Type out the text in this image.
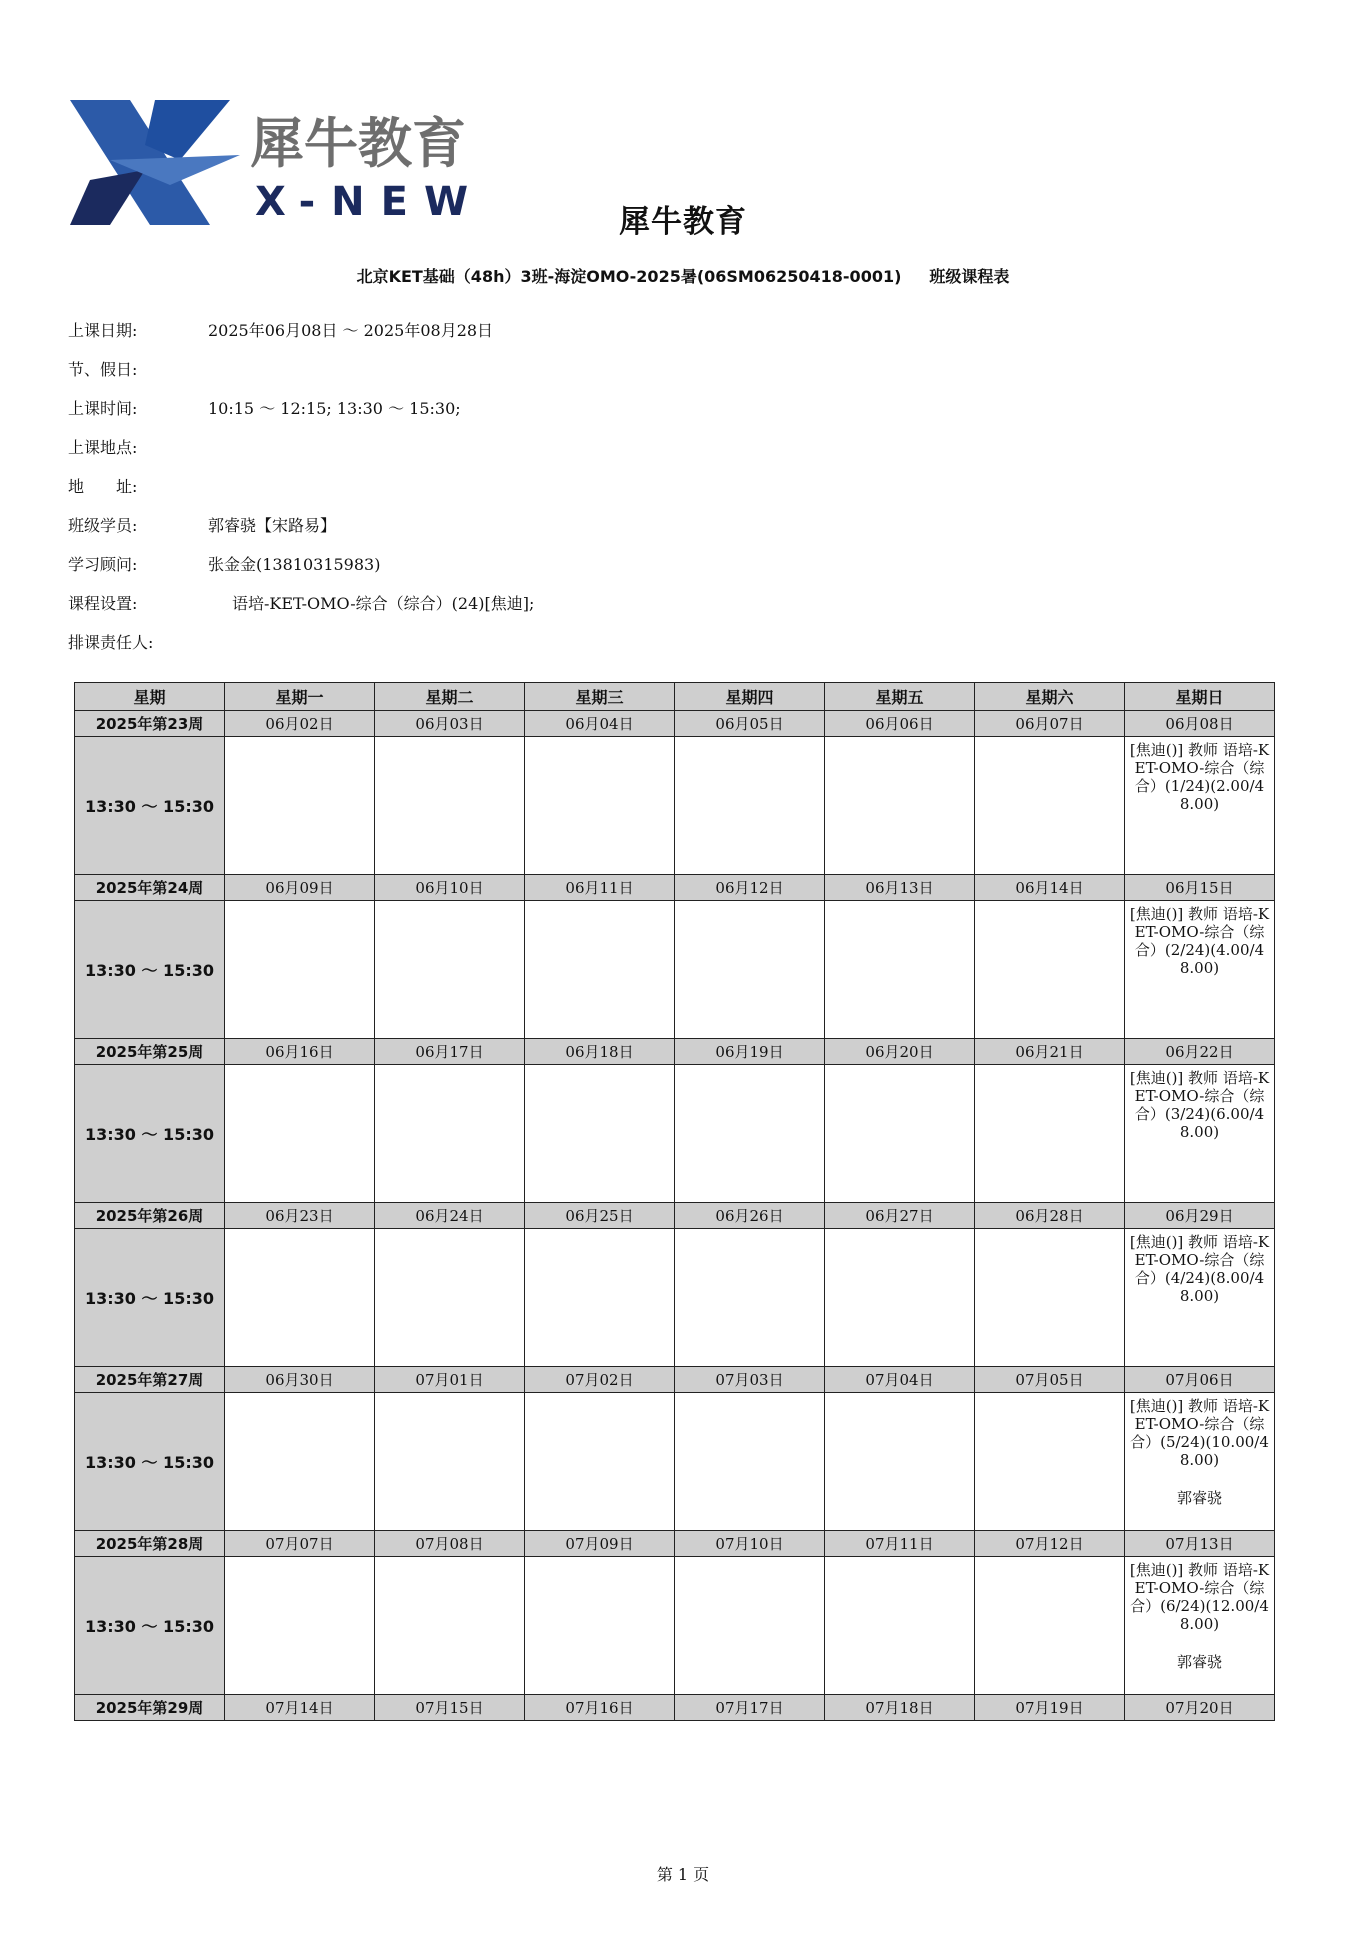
犀牛教育
X-NEW	犀牛教育
北京KET基础（48h）3班-海淀OMO-2025暑(06SM06250418-0001) 班级课程表
上课日期:	2025年06月08日 ～ 2025年08月28日
节、假日:
上课时间:	10:15 ～ 12:15; 13:30 ～ 15:30;
上课地点:
地　　址:
班级学员:	郭睿骁【宋路易】
学习顾问:	张金金(13810315983)
课程设置:	语培-KET-OMO-综合（综合）(24)[焦迪];
排课责任人:
星期	星期一	星期二	星期三	星期四	星期五	星期六	星期日
2025年第23周	06月02日	06月03日	06月04日	06月05日	06月06日	06月07日	06月08日
13:30 ～ 15:30							[焦迪()] 教师 语培-KET-OMO-综合（综合）(1/24)(2.00/48.00)

2025年第24周	06月09日	06月10日	06月11日	06月12日	06月13日	06月14日	06月15日
13:30 ～ 15:30							[焦迪()] 教师 语培-KET-OMO-综合（综合）(2/24)(4.00/48.00)

2025年第25周	06月16日	06月17日	06月18日	06月19日	06月20日	06月21日	06月22日
13:30 ～ 15:30							[焦迪()] 教师 语培-KET-OMO-综合（综合）(3/24)(6.00/48.00)

2025年第26周	06月23日	06月24日	06月25日	06月26日	06月27日	06月28日	06月29日
13:30 ～ 15:30							[焦迪()] 教师 语培-KET-OMO-综合（综合）(4/24)(8.00/48.00)

2025年第27周	06月30日	07月01日	07月02日	07月03日	07月04日	07月05日	07月06日
13:30 ～ 15:30							[焦迪()] 教师 语培-KET-OMO-综合（综合）(5/24)(10.00/48.00)
郭睿骁

2025年第28周	07月07日	07月08日	07月09日	07月10日	07月11日	07月12日	07月13日
13:30 ～ 15:30							[焦迪()] 教师 语培-KET-OMO-综合（综合）(6/24)(12.00/48.00)
郭睿骁

2025年第29周	07月14日	07月15日	07月16日	07月17日	07月18日	07月19日	07月20日
第 1 页
